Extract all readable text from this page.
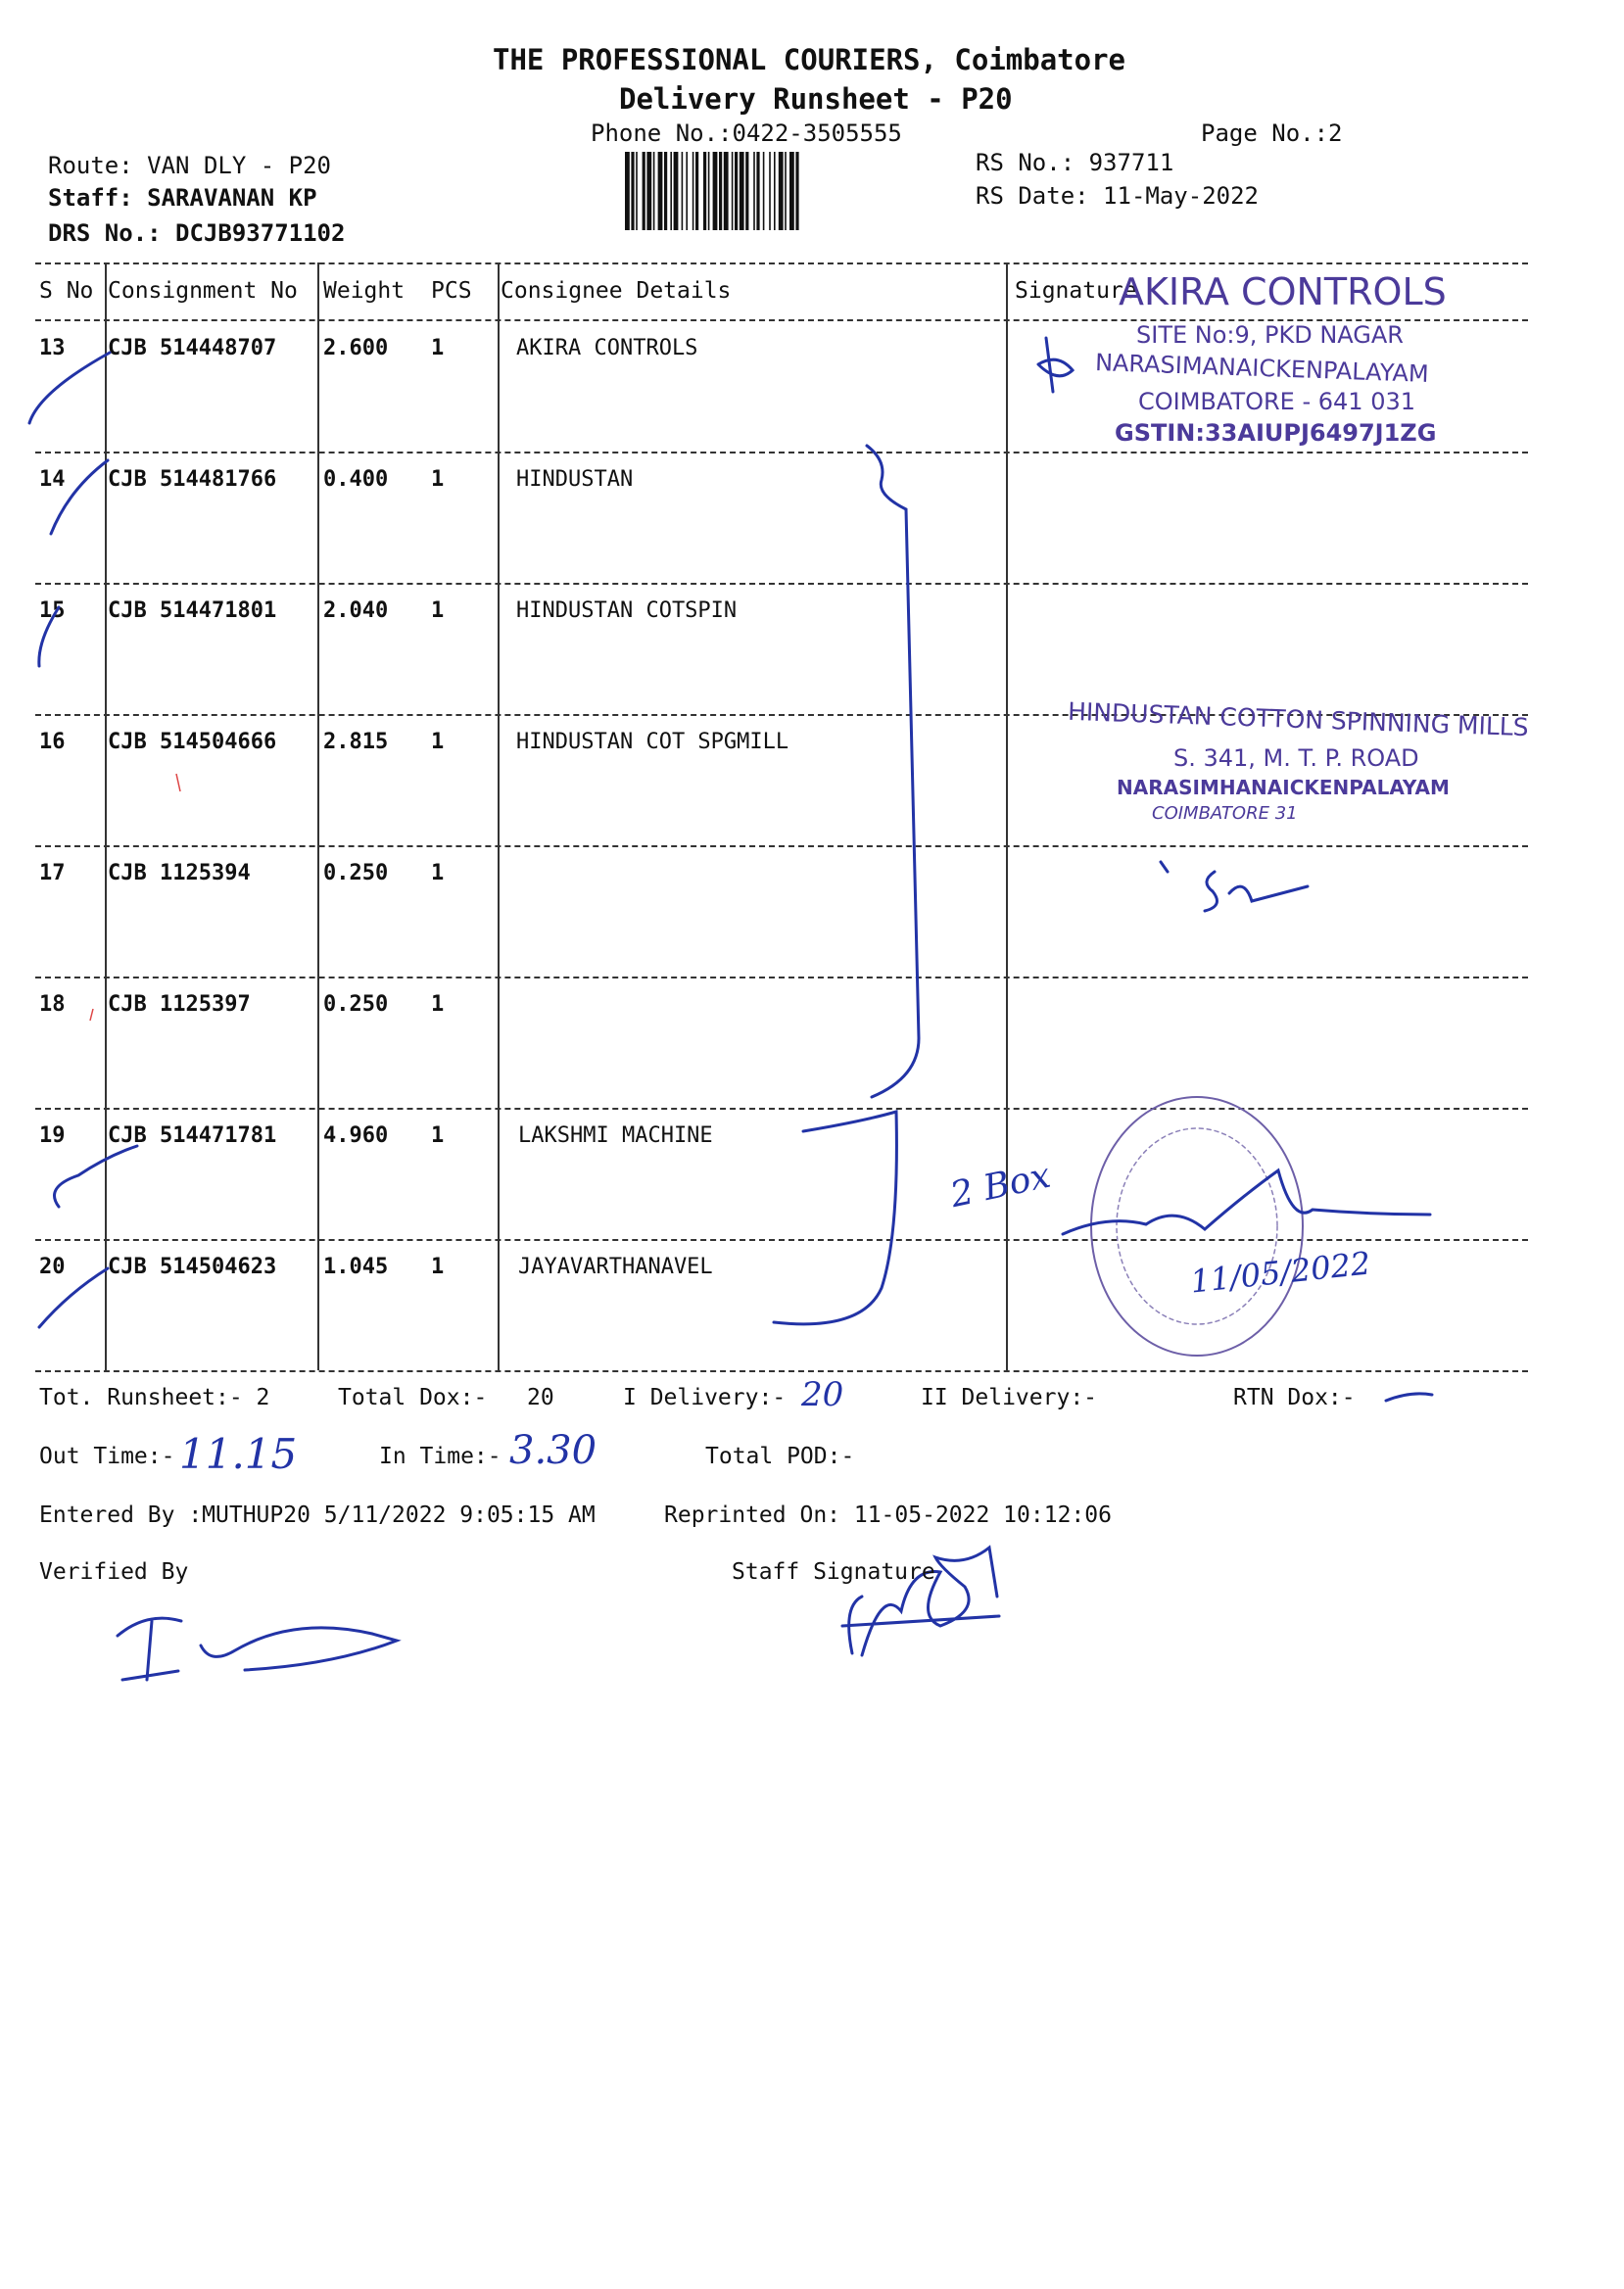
THE PROFESSIONAL COURIERS, Coimbatore
Delivery Runsheet - P20
Phone No.:0422-3505555	Page No.:2
Route: VAN DLY - P20
Staff: SARAVANAN KP
DRS No.: DCJB93771102
RS No.: 937711
RS Date: 11-May-2022
S No Consignment No Weight PCS Consignee Details	Signature
13 CJB 514448707 2.600 1	AKIRA CONTROLS
14 CJB 514481766 0.400 1	HINDUSTAN
15 CJB 514471801 2.040 1	HINDUSTAN COTSPIN
16 CJB 514504666 2.815 1	HINDUSTAN COT SPGMILL
17 CJB 1125394	0.250 1
18 CJB 1125397	0.250 1
19 CJB 514471781 4.960 1	LAKSHMI MACHINE
20 CJB 514504623 1.045 1	JAYAVARTHANAVEL
AKIRA CONTROLS
SITE No:9, PKD NAGAR
NARASIMANAICKENPALAYAM
COIMBATORE - 641 031
GSTIN:33AIUPJ6497J1ZG
HINDUSTAN COTTON SPINNING MILLS
S. 341, M. T. P. ROAD
NARASIMHANAICKENPALAYAM
COIMBATORE 31
2 Box
11/05/2022
20
11.15	3.30
Tot. Runsheet:- 2	Total Dox:- 20	I Delivery:-	II Delivery:-	RTN Dox:-
Out Time:-	In Time:-	Total POD:-
Entered By :MUTHUP20 5/11/2022 9:05:15 AM	Reprinted On: 11-05-2022 10:12:06
Verified By	Staff Signature
